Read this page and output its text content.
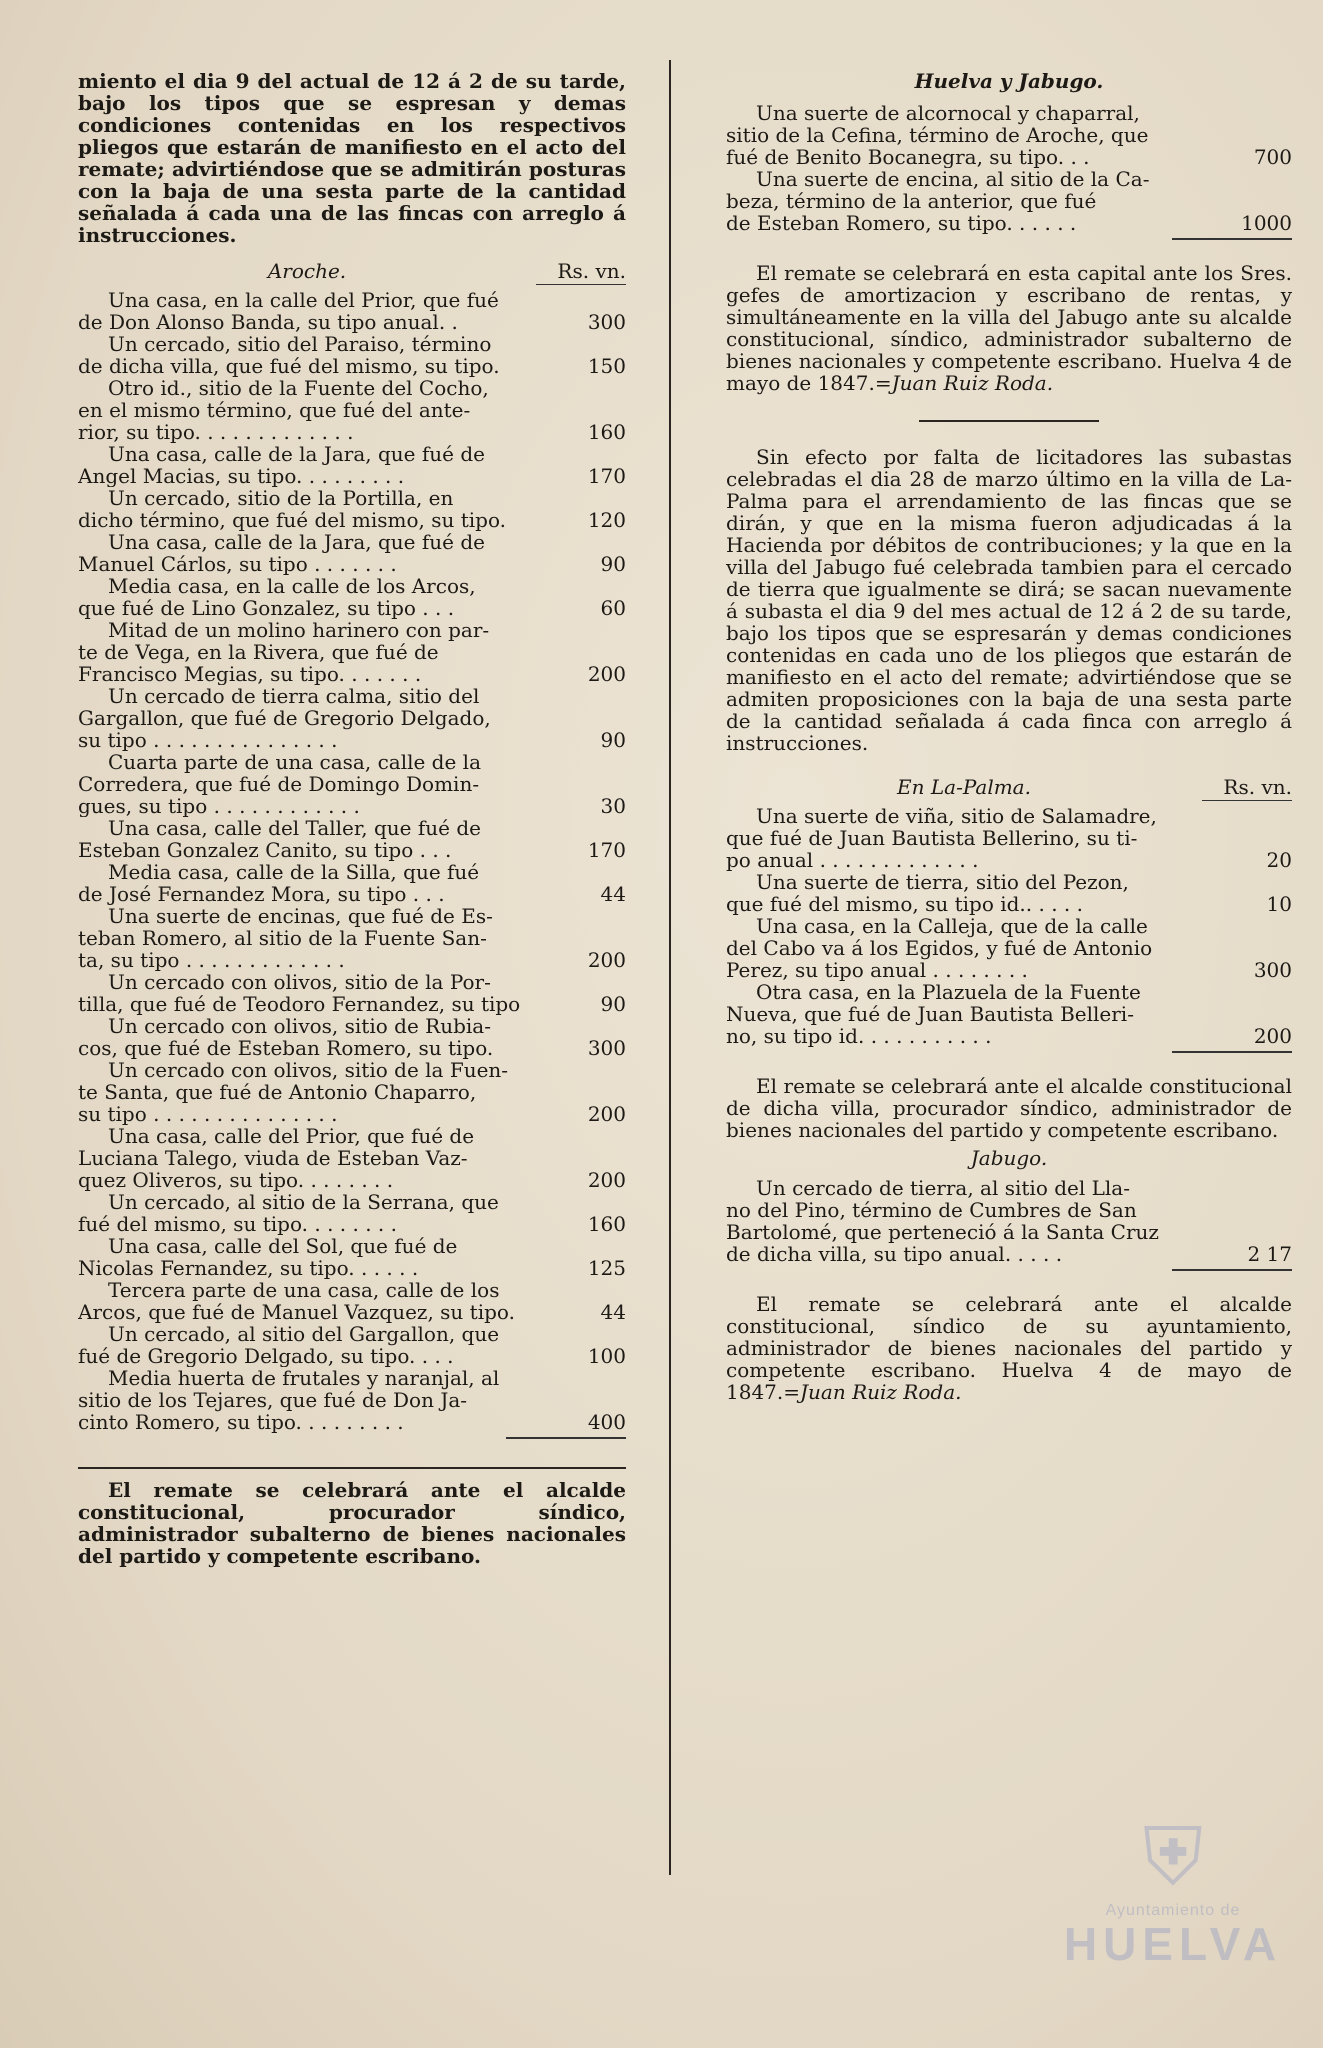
miento el dia 9 del actual de 12 á 2 de su tarde, bajo los tipos que se espresan y demas condiciones contenidas en los respectivos pliegos que estarán de manifiesto en el acto del remate; advirtiéndose que se admitirán posturas con la baja de una sesta parte de la cantidad señalada á cada una de las fincas con arreglo á instrucciones.

Aroche.	Rs. vn.
Una casa, en la calle del Prior, que fué
de Don Alonso Banda, su tipo anual. .	300
Un cercado, sitio del Paraiso, término
de dicha villa, que fué del mismo, su tipo.	150
Otro id., sitio de la Fuente del Cocho,
en el mismo término, que fué del ante-
rior, su tipo. . . . . . . . . . . . .	160
Una casa, calle de la Jara, que fué de
Angel Macias, su tipo. . . . . . . . .	170
Un cercado, sitio de la Portilla, en
dicho término, que fué del mismo, su tipo.	120
Una casa, calle de la Jara, que fué de
Manuel Cárlos, su tipo . . . . . . .	90
Media casa, en la calle de los Arcos,
que fué de Lino Gonzalez, su tipo . . .	60
Mitad de un molino harinero con par-
te de Vega, en la Rivera, que fué de
Francisco Megias, su tipo. . . . . . .	200
Un cercado de tierra calma, sitio del
Gargallon, que fué de Gregorio Delgado,
su tipo . . . . . . . . . . . . . . .	90
Cuarta parte de una casa, calle de la
Corredera, que fué de Domingo Domin-
gues, su tipo . . . . . . . . . . . .	30
Una casa, calle del Taller, que fué de
Esteban Gonzalez Canito, su tipo . . .	170
Media casa, calle de la Silla, que fué
de José Fernandez Mora, su tipo . . .	44
Una suerte de encinas, que fué de Es-
teban Romero, al sitio de la Fuente San-
ta, su tipo . . . . . . . . . . . . .	200
Un cercado con olivos, sitio de la Por-
tilla, que fué de Teodoro Fernandez, su tipo	90
Un cercado con olivos, sitio de Rubia-
cos, que fué de Esteban Romero, su tipo.	300
Un cercado con olivos, sitio de la Fuen-
te Santa, que fué de Antonio Chaparro,
su tipo . . . . . . . . . . . . . . .	200
Una casa, calle del Prior, que fué de
Luciana Talego, viuda de Esteban Vaz-
quez Oliveros, su tipo. . . . . . . .	200
Un cercado, al sitio de la Serrana, que
fué del mismo, su tipo. . . . . . . .	160
Una casa, calle del Sol, que fué de
Nicolas Fernandez, su tipo. . . . . .	125
Tercera parte de una casa, calle de los
Arcos, que fué de Manuel Vazquez, su tipo.	44
Un cercado, al sitio del Gargallon, que
fué de Gregorio Delgado, su tipo. . . .	100
Media huerta de frutales y naranjal, al
sitio de los Tejares, que fué de Don Ja-
cinto Romero, su tipo. . . . . . . . .	400

El remate se celebrará ante el alcalde constitucional, procurador síndico, administrador subalterno de bienes nacionales del partido y competente escribano.

Huelva y Jabugo.

Una suerte de alcornocal y chaparral,
sitio de la Cefina, término de Aroche, que
fué de Benito Bocanegra, su tipo. . .	700
Una suerte de encina, al sitio de la Ca-
beza, término de la anterior, que fué
de Esteban Romero, su tipo. . . . . .	1000

El remate se celebrará en esta capital ante los Sres. gefes de amortizacion y escribano de rentas, y simultáneamente en la villa del Jabugo ante su alcalde constitucional, síndico, administrador subalterno de bienes nacionales y competente escribano. Huelva 4 de mayo de 1847.=Juan Ruiz Roda.

Sin efecto por falta de licitadores las subastas celebradas el dia 28 de marzo último en la villa de La-Palma para el arrendamiento de las fincas que se dirán, y que en la misma fueron adjudicadas á la Hacienda por débitos de contribuciones; y la que en la villa del Jabugo fué celebrada tambien para el cercado de tierra que igualmente se dirá; se sacan nuevamente á subasta el dia 9 del mes actual de 12 á 2 de su tarde, bajo los tipos que se espresarán y demas condiciones contenidas en cada uno de los pliegos que estarán de manifiesto en el acto del remate; advirtiéndose que se admiten proposiciones con la baja de una sesta parte de la cantidad señalada á cada finca con arreglo á instrucciones.

En La-Palma.	Rs. vn.
Una suerte de viña, sitio de Salamadre,
que fué de Juan Bautista Bellerino, su ti-
po anual . . . . . . . . . . . . .	20
Una suerte de tierra, sitio del Pezon,
que fué del mismo, su tipo id.. . . . .	10
Una casa, en la Calleja, que de la calle
del Cabo va á los Egidos, y fué de Antonio
Perez, su tipo anual . . . . . . . .	300
Otra casa, en la Plazuela de la Fuente
Nueva, que fué de Juan Bautista Belleri-
no, su tipo id. . . . . . . . . . .	200

El remate se celebrará ante el alcalde constitucional de dicha villa, procurador síndico, administrador de bienes nacionales del partido y competente escribano.

Jabugo.

Un cercado de tierra, al sitio del Lla-
no del Pino, término de Cumbres de San
Bartolomé, que perteneció á la Santa Cruz
de dicha villa, su tipo anual. . . . .	2 17

El remate se celebrará ante el alcalde constitucional, síndico de su ayuntamiento, administrador de bienes nacionales del partido y competente escribano. Huelva 4 de mayo de 1847.=Juan Ruiz Roda.

⛨
Ayuntamiento de
HUELVA
